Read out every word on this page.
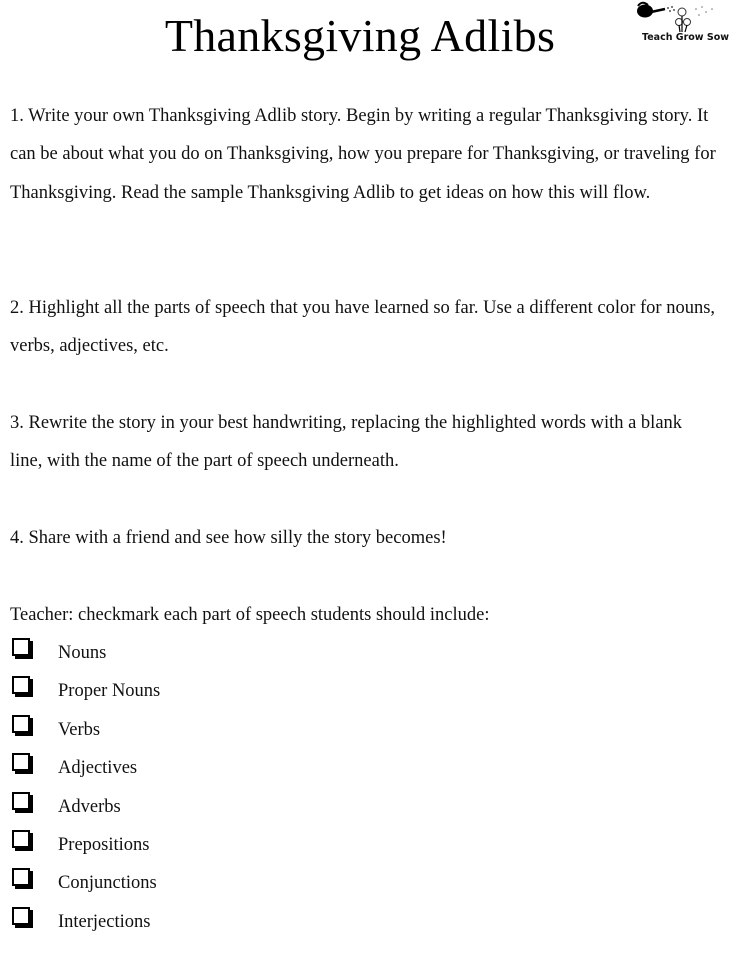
Thanksgiving Adlibs	Teach Grow Sow

1. Write your own Thanksgiving Adlib story. Begin by writing a regular Thanksgiving story. It can be about what you do on Thanksgiving, how you prepare for Thanksgiving, or traveling for Thanksgiving. Read the sample Thanksgiving Adlib to get ideas on how this will flow.

2. Highlight all the parts of speech that you have learned so far. Use a different color for nouns, verbs, adjectives, etc.

3. Rewrite the story in your best handwriting, replacing the highlighted words with a blank line, with the name of the part of speech underneath.

4. Share with a friend and see how silly the story becomes!

Teacher: checkmark each part of speech students should include:

Nouns
Proper Nouns
Verbs
Adjectives
Adverbs
Prepositions
Conjunctions
Interjections
